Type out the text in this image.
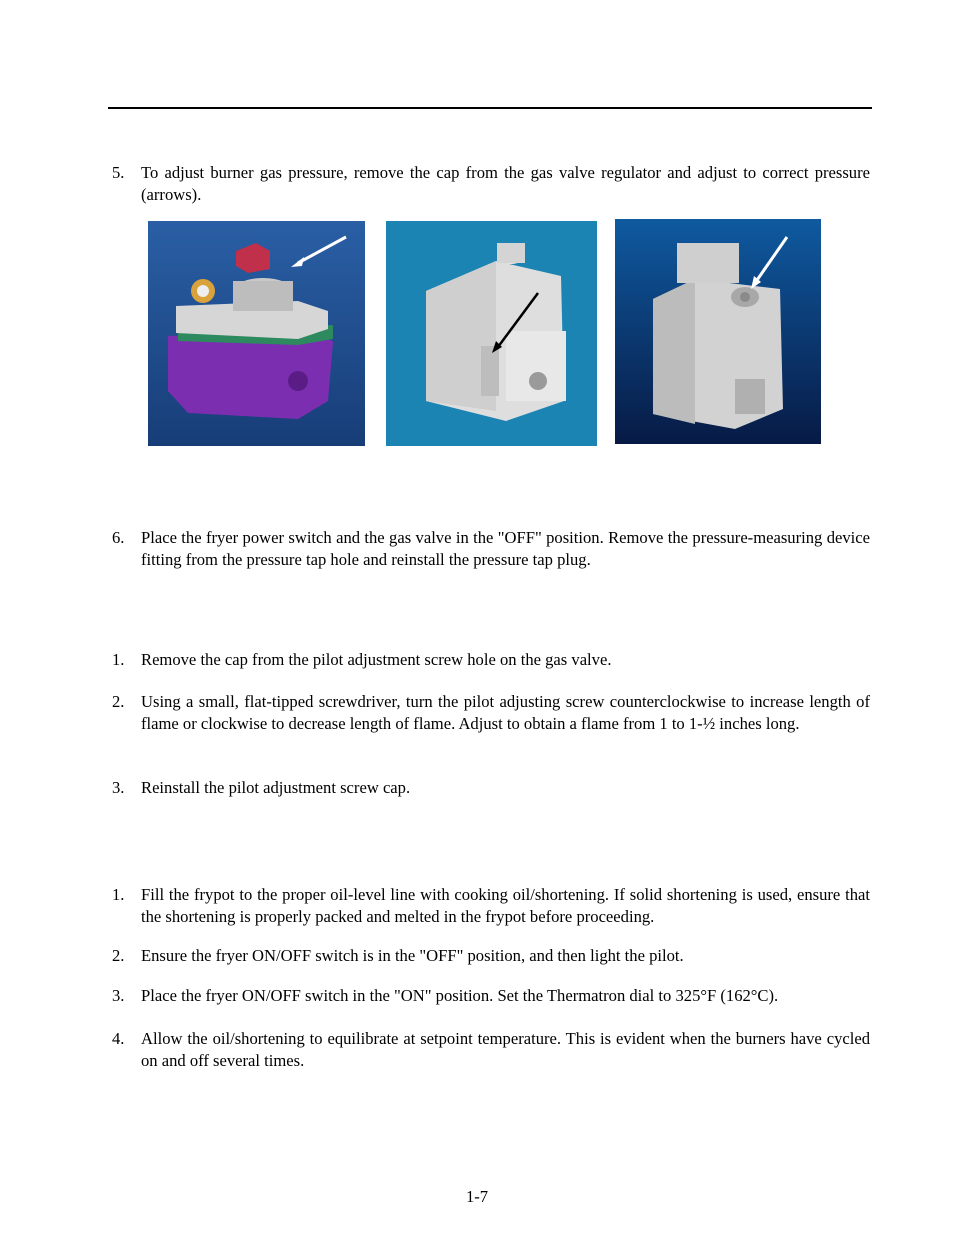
5. To adjust burner gas pressure, remove the cap from the gas valve regulator and adjust to correct pressure (arrows).
6. Place the fryer power switch and the gas valve in the "OFF" position. Remove the pressure-measuring device fitting from the pressure tap hole and reinstall the pressure tap plug.
1. Remove the cap from the pilot adjustment screw hole on the gas valve.
2. Using a small, flat-tipped screwdriver, turn the pilot adjusting screw counterclockwise to increase length of flame or clockwise to decrease length of flame. Adjust to obtain a flame from 1 to 1-½ inches long.
3. Reinstall the pilot adjustment screw cap.
1. Fill the frypot to the proper oil-level line with cooking oil/shortening. If solid shortening is used, ensure that the shortening is properly packed and melted in the frypot before proceeding.
2. Ensure the fryer ON/OFF switch is in the "OFF" position, and then light the pilot.
3. Place the fryer ON/OFF switch in the "ON" position. Set the Thermatron dial to 325°F (162°C).
4. Allow the oil/shortening to equilibrate at setpoint temperature. This is evident when the burners have cycled on and off several times.
1-7
